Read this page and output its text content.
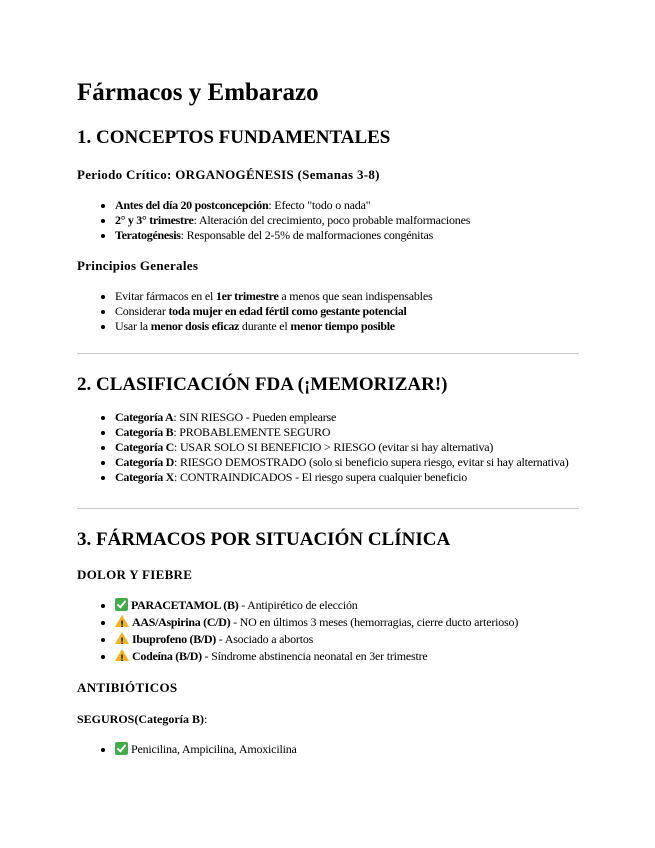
Fármacos y Embarazo
1. CONCEPTOS FUNDAMENTALES
Periodo Crítico: ORGANOGÉNESIS (Semanas 3-8)
• Antes del día 20 postconcepción: Efecto "todo o nada"
• 2° y 3° trimestre: Alteración del crecimiento, poco probable malformaciones
• Teratogénesis: Responsable del 2-5% de malformaciones congénitas
Principios Generales
• Evitar fármacos en el 1er trimestre a menos que sean indispensables
• Considerar toda mujer en edad fértil como gestante potencial
• Usar la menor dosis eficaz durante el menor tiempo posible
2. CLASIFICACIÓN FDA (¡MEMORIZAR!)
• Categoría A: SIN RIESGO - Pueden emplearse
• Categoría B: PROBABLEMENTE SEGURO
• Categoría C: USAR SOLO SI BENEFICIO > RIESGO (evitar si hay alternativa)
• Categoría D: RIESGO DEMOSTRADO (solo si beneficio supera riesgo, evitar si hay alternativa)
• Categoría X: CONTRAINDICADOS - El riesgo supera cualquier beneficio
3. FÁRMACOS POR SITUACIÓN CLÍNICA
DOLOR Y FIEBRE
• PARACETAMOL (B) - Antipirético de elección
!• AAS/Aspirina (C/D) - NO en últimos 3 meses (hemorragias, cierre ducto arterioso)
!• Ibuprofeno (B/D) - Asociado a abortos
!• Codeína (B/D) - Síndrome abstinencia neonatal en 3er trimestre
ANTIBIÓTICOS

SEGUROS(Categoría B):

• Penicilina, Ampicilina, Amoxicilina
